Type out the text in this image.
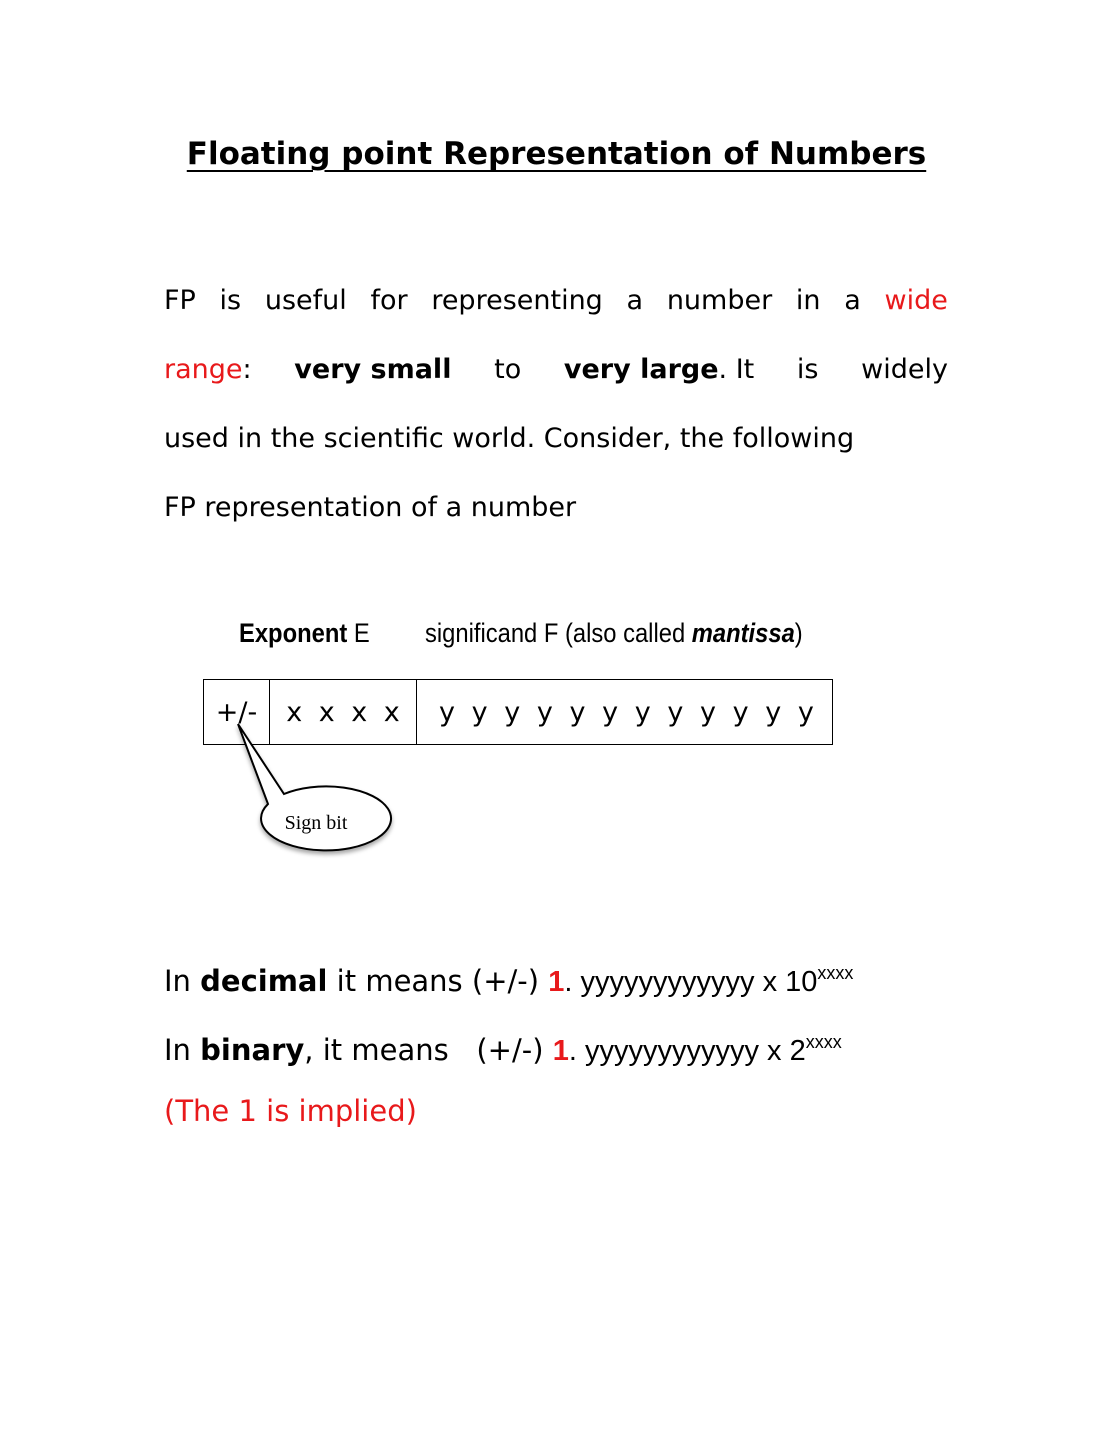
Floating point Representation of Numbers
FP is useful for representing a number in a wide
range: very small to very large. It is widely
used in the scientific world. Consider, the following
FP representation of a number
Exponent E significand F (also called mantissa)
+/-	x x x x y y y y y y y y y y y y
Sign bit
In decimal it means (+/-) 1. yyyyyyyyyyyy x 10$^{xxxx}$
In binary, it means   (+/-) 1. yyyyyyyyyyyy x 2$^{xxxx}$
(The 1 is implied)
